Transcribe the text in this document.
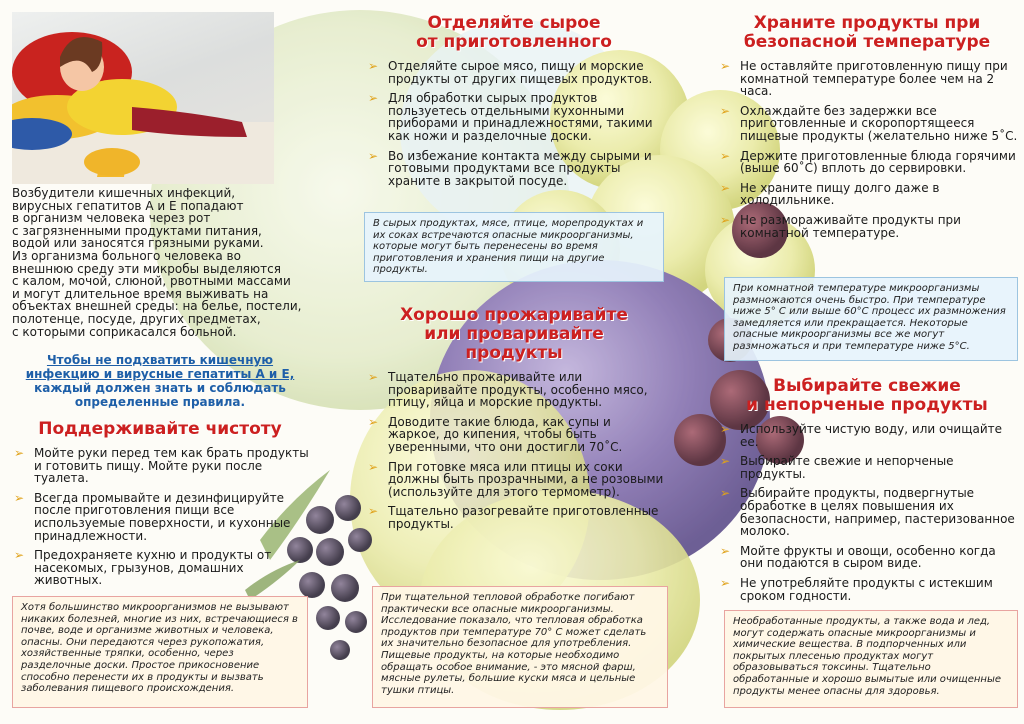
Возбудители кишечных инфекций,
вирусных гепатитов А и Е попадают
в организм человека через рот
с загрязненными продуктами питания,
водой или заносятся грязными руками.
Из организма больного человека во
внешнюю среду эти микробы выделяются
с калом, мочой, слюной, рвотными массами
и могут длительное время выживать на
объектах внешней среды: на белье, постели,
полотенце, посуде, других предметах,
с которыми соприкасался больной.
Чтобы не подхватить кишечную
инфекцию и вирусные гепатиты А и Е,
каждый должен знать и соблюдать
определенные правила.
Поддерживайте чистоту
➢ Мойте руки перед тем как брать продукты и готовить пищу. Мойте руки после туалета.
➢ Всегда промывайте и дезинфицируйте после приготовления пищи все используемые поверхности, и кухонные принадлежности.
➢ Предохраняете кухню и продукты от насекомых, грызунов, домашних животных.
Хотя большинство микроорганизмов не вызывают никаких болезней, многие из них, встречающиеся в почве, воде и организме животных и человека, опасны. Они передаются через рукопожатия, хозяйственные тряпки, особенно, через разделочные доски. Простое прикосновение способно перенести их в продукты и вызвать заболевания пищевого происхождения.
Отделяйте сырое
от приготовленного
➢ Отделяйте сырое мясо, пищу и морские продукты от других пищевых продуктов.
➢ Для обработки сырых продуктов пользуетесь отдельными кухонными приборами и принадлежностями, такими как ножи и разделочные доски.
➢ Во избежание контакта между сырыми и готовыми продуктами все продукты храните в закрытой посуде.
В сырых продуктах, мясе, птице, морепродуктах и их соках встречаются опасные микроорганизмы, которые могут быть перенесены во время приготовления и хранения пищи на другие продукты.
Хорошо прожаривайте
или проваривайте
продукты
➢ Тщательно прожаривайте или проваривайте продукты, особенно мясо, птицу, яйца и морские продукты.
➢ Доводите такие блюда, как супы и жаркое, до кипения, чтобы быть уверенными, что они достигли 70˚С.
➢ При готовке мяса или птицы их соки должны быть прозрачными, а не розовыми (используйте для этого термометр).
➢ Тщательно разогревайте приготовленные продукты.
При тщательной тепловой обработке погибают практически все опасные микроорганизмы. Исследование показало, что тепловая обработка продуктов при температуре 70° С может сделать их значительно безопасное для употребления. Пищевые продукты, на которые необходимо обращать особое внимание, - это мясной фарш, мясные рулеты, большие куски мяса и цельные тушки птицы.
Храните продукты при
безопасной температуре
➢ Не оставляйте приготовленную пищу при комнатной температуре более чем на 2 часа.
➢ Охлаждайте без задержки все приготовленные и скоропортящееся пищевые продукты (желательно ниже 5˚С.
➢ Держите приготовленные блюда горячими (выше 60˚С) вплоть до сервировки.
➢ Не храните пищу долго даже в холодильнике.
➢ Не размораживайте продукты при комнатной температуре.
При комнатной температуре микроорганизмы размножаются очень быстро. При температуре ниже 5° С или выше 60°С процесс их размножения замедляется или прекращается. Некоторые опасные микроорганизмы все же могут размножаться и при температуре ниже 5°С.
Выбирайте свежие
и непорченые продукты
➢ Используйте чистую воду, или очищайте ее.
➢ Выбирайте свежие и непорченые продукты.
➢ Выбирайте продукты, подвергнутые обработке в целях повышения их безопасности, например, пастеризованное молоко.
➢ Мойте фрукты и овощи, особенно когда они подаются в сыром виде.
➢ Не употребляйте продукты с истекшим сроком годности.
Необработанные продукты, а также вода и лед, могут содержать опасные микроорганизмы и химические вещества. В подпорченных или покрытых плесенью продуктах могут образовываться токсины. Тщательно обработанные и хорошо вымытые или очищенные продукты менее опасны для здоровья.
